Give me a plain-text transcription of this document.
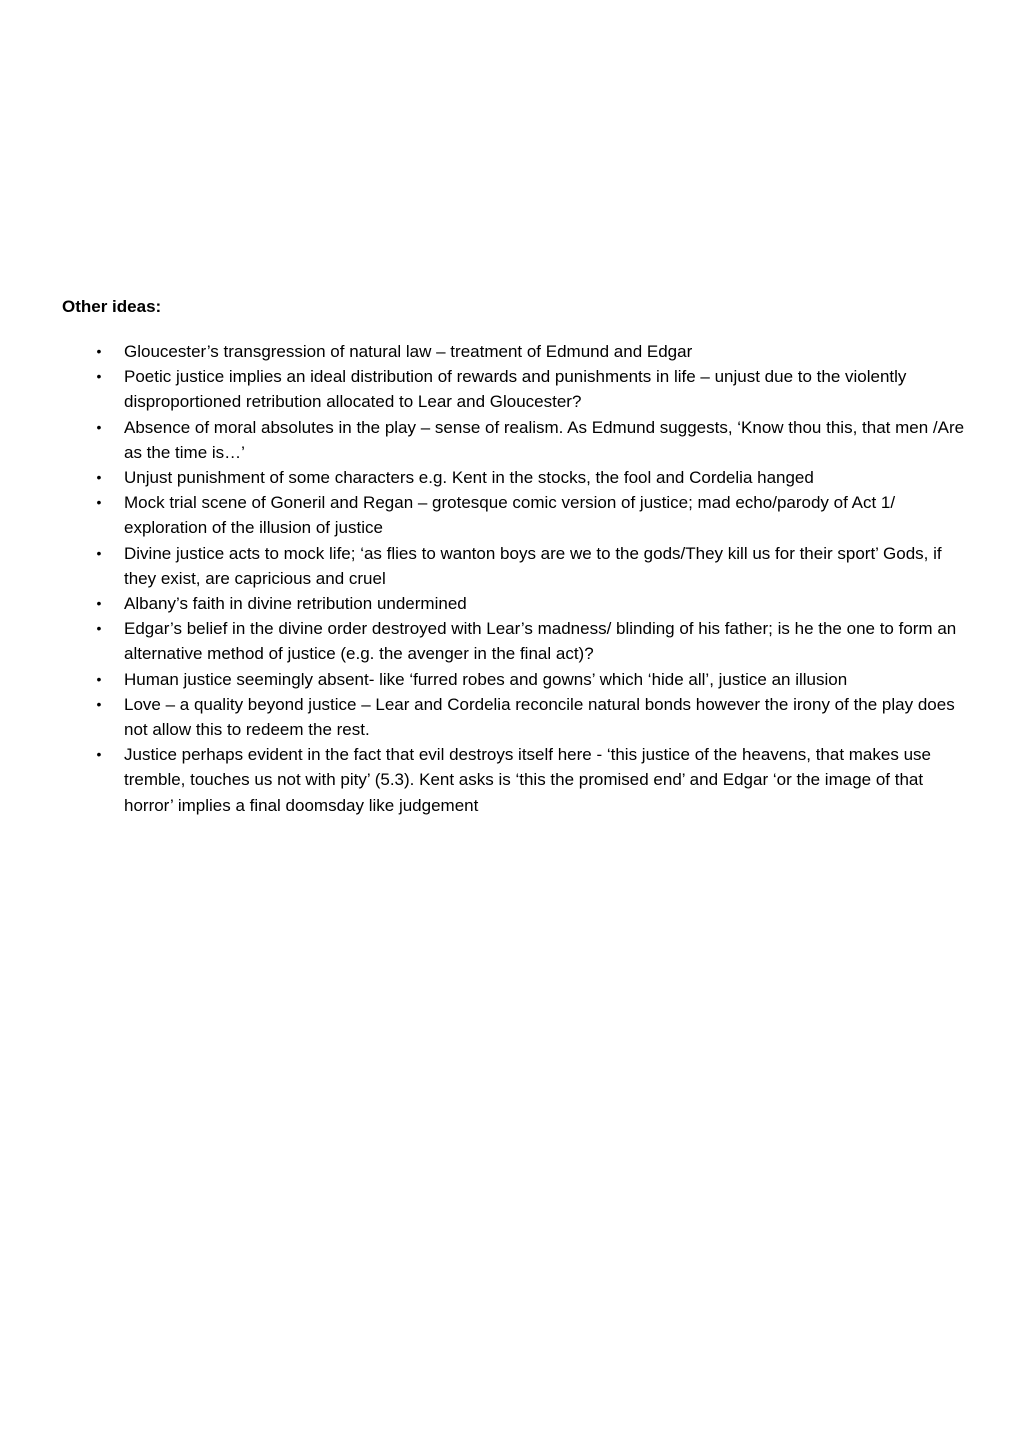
Other ideas:
• Gloucester’s transgression of natural law – treatment of Edmund and Edgar
• Poetic justice implies an ideal distribution of rewards and punishments in life – unjust due to the violently disproportioned retribution allocated to Lear and Gloucester?
• Absence of moral absolutes in the play – sense of realism. As Edmund suggests, ‘Know thou this, that men /Are as the time is…’
• Unjust punishment of some characters e.g. Kent in the stocks, the fool and Cordelia hanged
• Mock trial scene of Goneril and Regan – grotesque comic version of justice; mad echo/parody of Act 1/ exploration of the illusion of justice
• Divine justice acts to mock life; ‘as flies to wanton boys are we to the gods/They kill us for their sport’ Gods, if they exist, are capricious and cruel
• Albany’s faith in divine retribution undermined
• Edgar’s belief in the divine order destroyed with Lear’s madness/ blinding of his father; is he the one to form an alternative method of justice (e.g. the avenger in the final act)?
• Human justice seemingly absent- like ‘furred robes and gowns’ which ‘hide all’, justice an illusion
• Love – a quality beyond justice – Lear and Cordelia reconcile natural bonds however the irony of the play does not allow this to redeem the rest.
• Justice perhaps evident in the fact that evil destroys itself here - ‘this justice of the heavens, that makes use tremble, touches us not with pity’ (5.3). Kent asks is ‘this the promised end’ and Edgar ‘or the image of that horror’ implies a final doomsday like judgement
